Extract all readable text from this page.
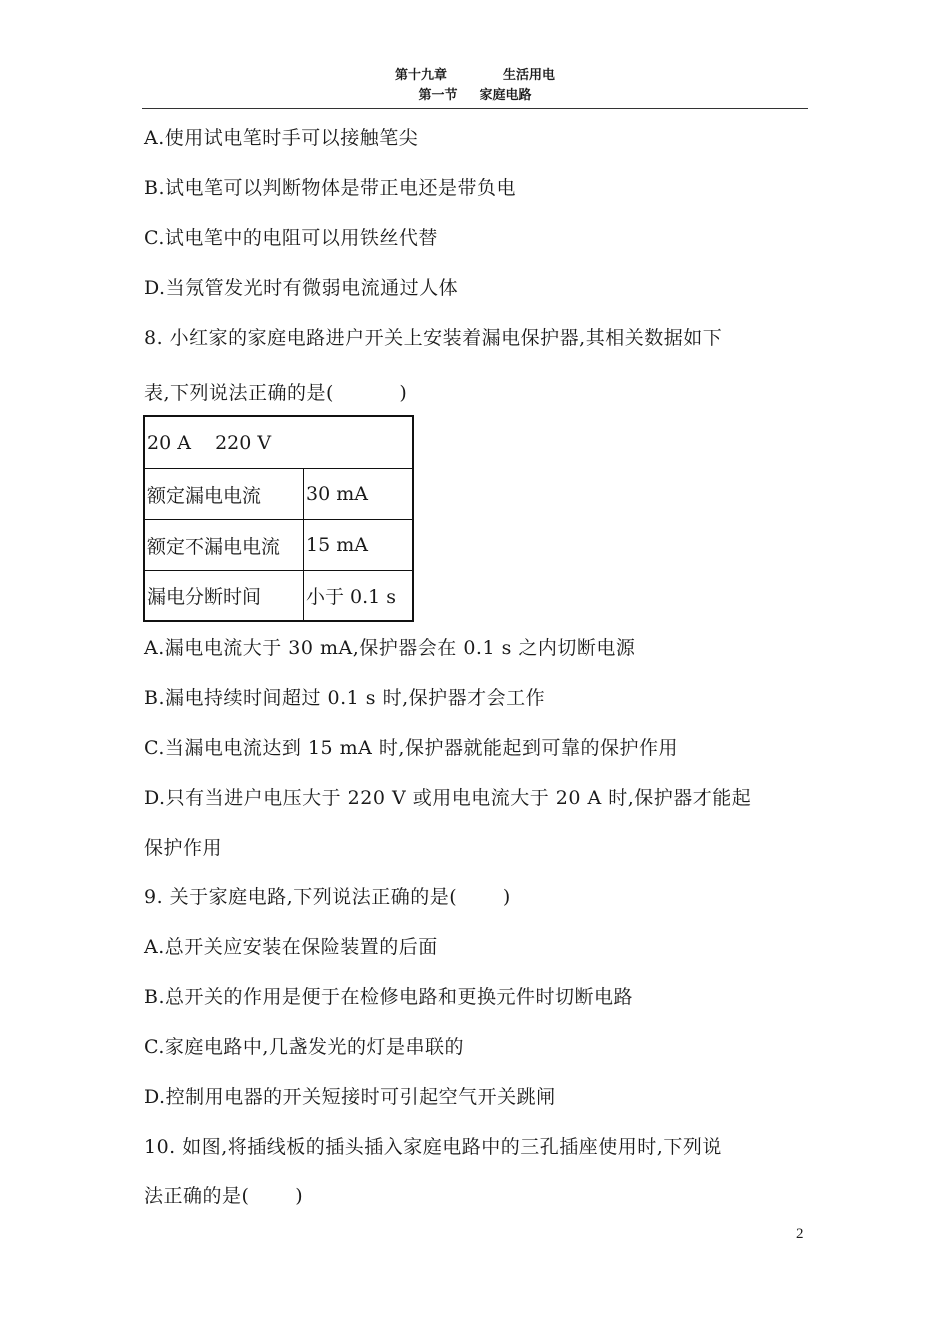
第十九章	生活用电
第一节 家庭电路
A.使用试电笔时手可以接触笔尖
B.试电笔可以判断物体是带正电还是带负电
C.试电笔中的电阻可以用铁丝代替
D.当氖管发光时有微弱电流通过人体
8. 小红家的家庭电路进户开关上安装着漏电保护器,其相关数据如下
表,下列说法正确的是(          )
20 A    220 V
额定漏电电流	30 mA
额定不漏电电流	15 mA
漏电分断时间	小于 0.1 s
A.漏电电流大于 30 mA,保护器会在 0.1 s 之内切断电源
B.漏电持续时间超过 0.1 s 时,保护器才会工作
C.当漏电电流达到 15 mA 时,保护器就能起到可靠的保护作用
D.只有当进户电压大于 220 V 或用电电流大于 20 A 时,保护器才能起
保护作用
9. 关于家庭电路,下列说法正确的是(       )
A.总开关应安装在保险装置的后面
B.总开关的作用是便于在检修电路和更换元件时切断电路
C.家庭电路中,几盏发光的灯是串联的
D.控制用电器的开关短接时可引起空气开关跳闸
10. 如图,将插线板的插头插入家庭电路中的三孔插座使用时,下列说
法正确的是(       )
2
